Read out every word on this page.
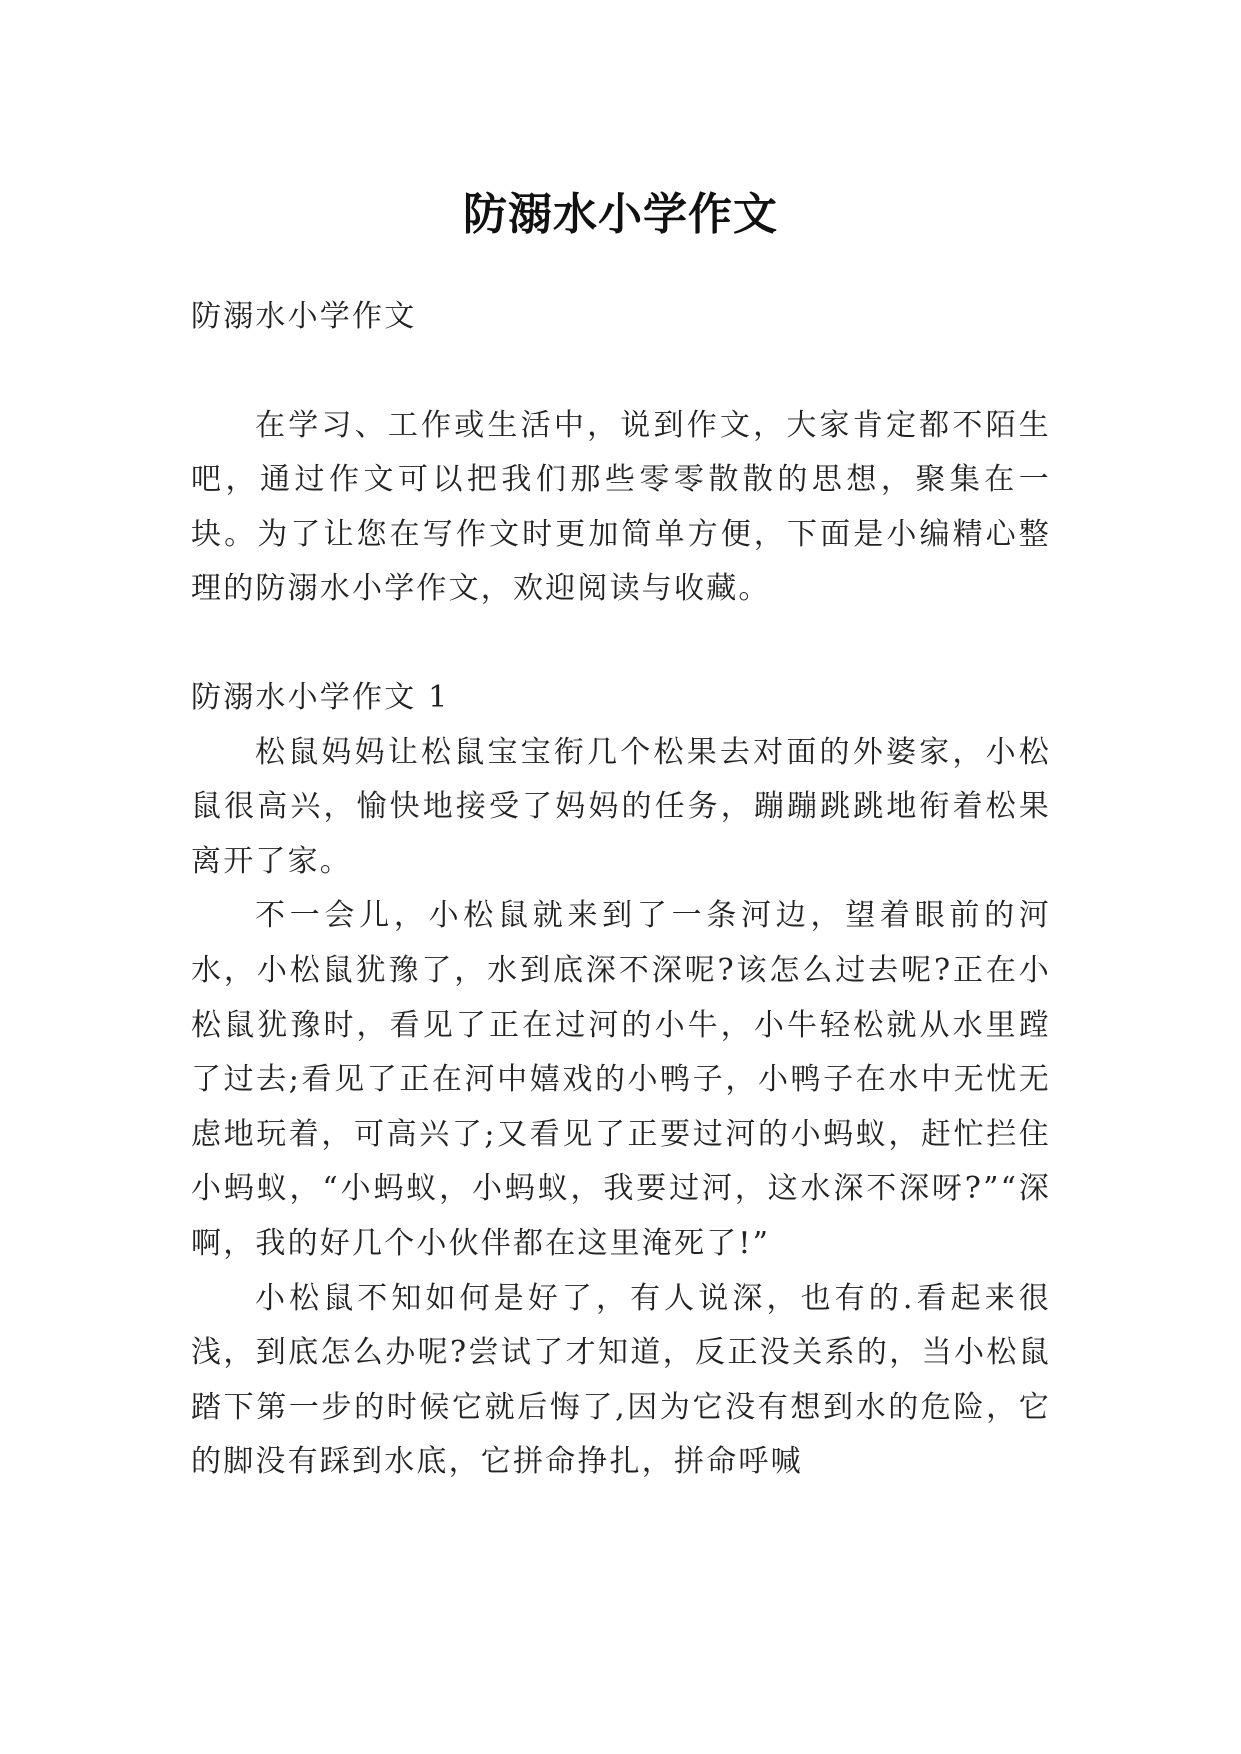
防溺水小学作文

防溺水小学作文

在学习、工作或生活中，说到作文，大家肯定都不陌生吧，通过作文可以把我们那些零零散散的思想，聚集在一块。为了让您在写作文时更加简单方便，下面是小编精心整理的防溺水小学作文，欢迎阅读与收藏。

防溺水小学作文 1

松鼠妈妈让松鼠宝宝衔几个松果去对面的外婆家，小松鼠很高兴，愉快地接受了妈妈的任务，蹦蹦跳跳地衔着松果离开了家。

不一会儿，小松鼠就来到了一条河边，望着眼前的河水，小松鼠犹豫了，水到底深不深呢?该怎么过去呢?正在小松鼠犹豫时，看见了正在过河的小牛，小牛轻松就从水里蹚了过去;看见了正在河中嬉戏的小鸭子，小鸭子在水中无忧无虑地玩着，可高兴了;又看见了正要过河的小蚂蚁，赶忙拦住小蚂蚁，“小蚂蚁，小蚂蚁，我要过河，这水深不深呀?”“深啊，我的好几个小伙伴都在这里淹死了!”

小松鼠不知如何是好了，有人说深，也有的.看起来很浅，到底怎么办呢?尝试了才知道，反正没关系的，当小松鼠踏下第一步的时候它就后悔了,因为它没有想到水的危险，它的脚没有踩到水底，它拼命挣扎，拼命呼喊
